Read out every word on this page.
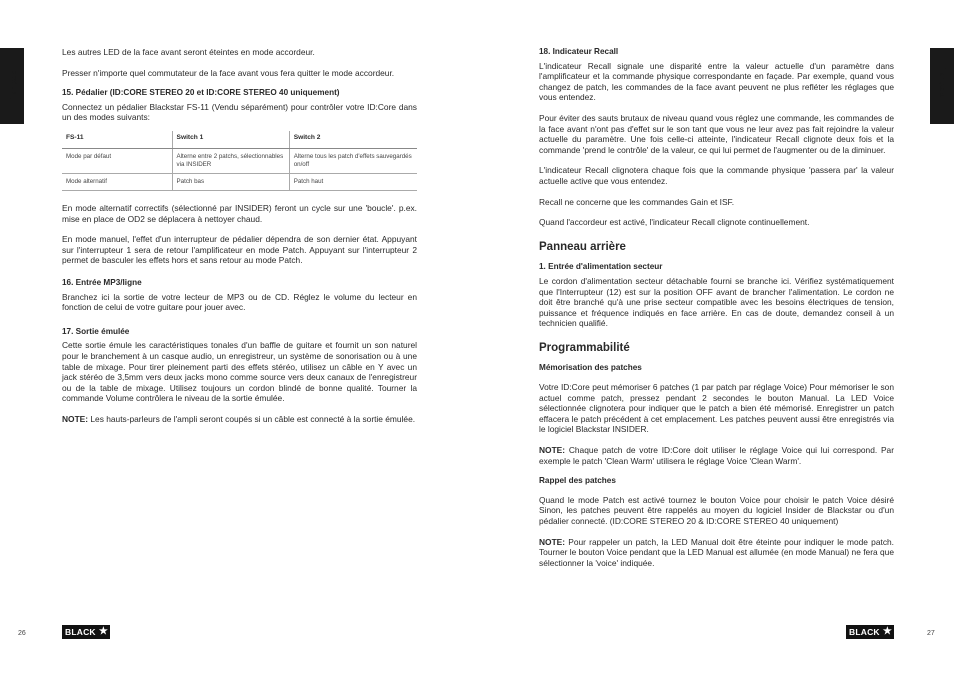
Français

Les autres LED de la face avant seront éteintes en mode accordeur.

Presser n'importe quel commutateur de la face avant vous fera quitter le mode accordeur.

15. Pédalier (ID:CORE STEREO 20 et ID:CORE STEREO 40 uniquement)

Connectez un pédalier Blackstar FS-11 (Vendu séparément) pour contrôler votre ID:Core dans un des modes suivants:

FS-11	Switch 1	Switch 2
Mode par défaut	Alterne entre 2 patchs, sélectionnables via INSIDER	Alterne tous les patch d'effets sauvegardés on/off
Mode alternatif	Patch bas	Patch haut

En mode alternatif correctifs (sélectionné par INSIDER) feront un cycle sur une 'boucle'. p.ex. mise en place de OD2 se déplacera à nettoyer chaud.

En mode manuel, l'effet d'un interrupteur de pédalier dépendra de son dernier état. Appuyant sur l'interrupteur 1 sera de retour l'amplificateur en mode Patch. Appuyant sur l'interrupteur 2 permet de basculer les effets hors et sans retour au mode Patch.

16. Entrée MP3/ligne

Branchez ici la sortie de votre lecteur de MP3 ou de CD. Réglez le volume du lecteur en fonction de celui de votre guitare pour jouer avec.

17. Sortie émulée

Cette sortie émule les caractéristiques tonales d'un baffle de guitare et fournit un son naturel pour le branchement à un casque audio, un enregistreur, un système de sonorisation ou à une table de mixage. Pour tirer pleinement parti des effets stéréo, utilisez un câble en Y avec un jack stéréo de 3,5mm vers deux jacks mono comme source vers deux canaux de l'enregistreur ou de la table de mixage. Utilisez toujours un cordon blindé de bonne qualité. Tourner la commande Volume contrôlera le niveau de la sortie émulée.

NOTE: Les hauts-parleurs de l'ampli seront coupés si un câble est connecté à la sortie émulée.

18. Indicateur Recall

L'indicateur Recall signale une disparité entre la valeur actuelle d'un paramètre dans l'amplificateur et la commande physique correspondante en façade. Par exemple, quand vous changez de patch, les commandes de la face avant peuvent ne plus refléter les réglages que vous entendez.

Pour éviter des sauts brutaux de niveau quand vous réglez une commande, les commandes de la face avant n'ont pas d'effet sur le son tant que vous ne leur avez pas fait rejoindre la valeur actuelle du paramètre. Une fois celle-ci atteinte, l'indicateur Recall clignote deux fois et la commande 'prend le contrôle' de la valeur, ce qui lui permet de l'augmenter ou de la diminuer.

L'indicateur Recall clignotera chaque fois que la commande physique 'passera par' la valeur actuelle active que vous entendez.

Recall ne concerne que les commandes Gain et ISF.

Quand l'accordeur est activé, l'indicateur Recall clignote continuellement.

Panneau arrière
1. Entrée d'alimentation secteur

Le cordon d'alimentation secteur détachable fourni se branche ici. Vérifiez systématiquement que l'Interrupteur (12) est sur la position OFF avant de brancher l'alimentation. Le cordon ne doit être branché qu'à une prise secteur compatible avec les besoins électriques de tension, puissance et fréquence indiqués en face arrière. En cas de doute, demandez conseil à un technicien qualifié.

Programmabilité
Mémorisation des patches

Votre ID:Core peut mémoriser 6 patches (1 par patch par réglage Voice) Pour mémoriser le son actuel comme patch, pressez pendant 2 secondes le bouton Manual. La LED Voice sélectionnée clignotera pour indiquer que le patch a bien été mémorisé. Enregistrer un patch effacera le patch précédent à cet emplacement. Les patches peuvent aussi être enregistrés via le logiciel Blackstar INSIDER.

NOTE: Chaque patch de votre ID:Core doit utiliser le réglage Voice qui lui correspond. Par exemple le patch 'Clean Warm' utilisera le réglage Voice 'Clean Warm'.

Rappel des patches

Quand le mode Patch est activé tournez le bouton Voice pour choisir le patch Voice désiré Sinon, les patches peuvent être rappelés au moyen du logiciel Insider de Blackstar ou d'un pédalier connecté. (ID:CORE STEREO 20 & ID:CORE STEREO 40 uniquement)

NOTE: Pour rappeler un patch, la LED Manual doit être éteinte pour indiquer le mode patch. Tourner le bouton Voice pendant que la LED Manual est allumée (en mode Manual) ne fera que sélectionner la 'voice' indiquée.

26	BLACK ★	BLACK ★	27
